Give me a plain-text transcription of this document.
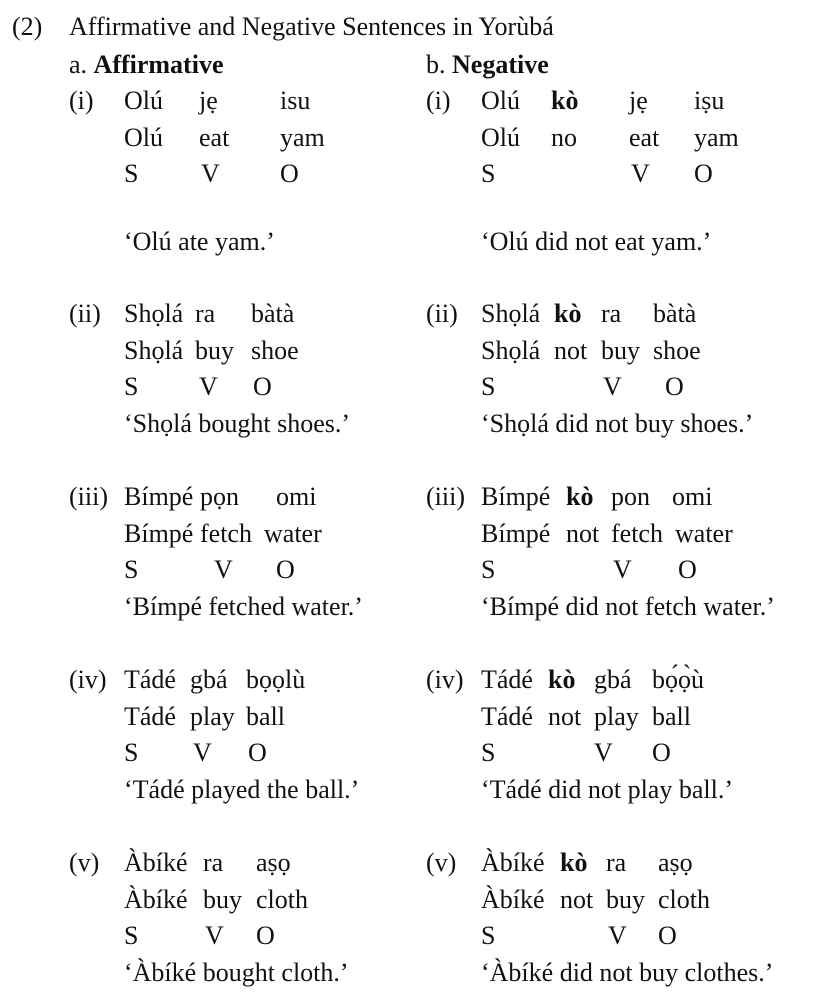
(2) Affirmative and Negative Sentences in Yorùbá
a. Affirmative	b. Negative
(i) Olú jẹ isu
Olú eat yam
S V O
‘Olú ate yam.’
(ii) Shọlá ra bàtà
Shọlá buy shoe
S V O
‘Shọlá bought shoes.’
(iii) Bímpé pọn omi
Bímpé fetch water
S	V O
‘Bímpé fetched water.’
(iv) Tádé gbá bọọlù
Tádé play ball
S V O
‘Tádé played the ball.’
(v) Àbíké ra aṣọ
Àbíké buy cloth
S	V O
‘Àbíké bought cloth.’
(i) Olú kò jẹ iṣu
Olú no eat yam
S	V O
‘Olú did not eat yam.’
(ii) Shọlá kò ra bàtà
Shọlá not buy shoe
S	V O
‘Shọlá did not buy shoes.’
(iii) Bímpé kò pon omi
Bímpé not fetch water
S	V O
‘Bímpé did not fetch water.’
(iv) Tádé kò gbá bọ́ọ̀ù
Tádé not play ball
S	V O
‘Tádé did not play ball.’
(v) Àbíké kò ra aṣọ
Àbíké not buy cloth
S	V O
‘Àbíké did not buy clothes.’
